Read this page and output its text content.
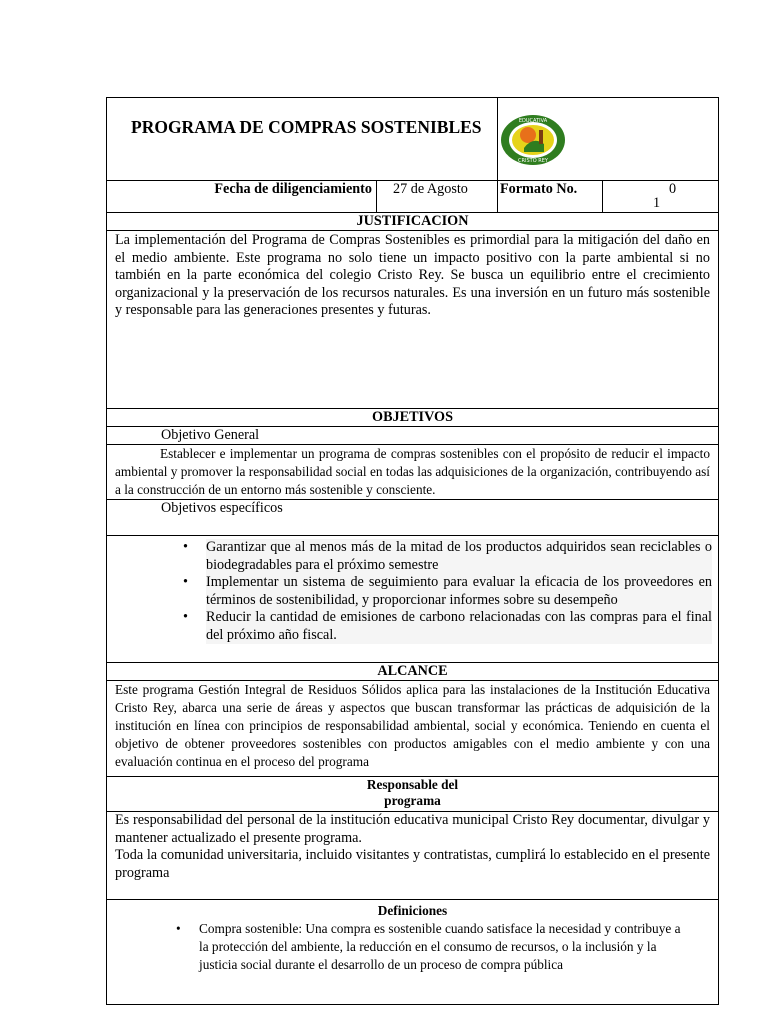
PROGRAMA DE COMPRAS SOSTENIBLES	EDUCATIVA
CRISTO REY
Fecha de diligenciamiento 27 de Agosto Formato No.	0
1
JUSTIFICACION
La implementación del Programa de Compras Sostenibles es primordial para la mitigación del daño en el medio ambiente. Este programa no solo tiene un impacto positivo con la parte ambiental si no también en la parte económica del colegio Cristo Rey. Se busca un equilibrio entre el crecimiento organizacional y la preservación de los recursos naturales. Es una inversión en un futuro más sostenible y responsable para las generaciones presentes y futuras.
OBJETIVOS
Objetivo General
Establecer e implementar un programa de compras sostenibles con el propósito de reducir el impacto ambiental y promover la responsabilidad social en todas las adquisiciones de la organización, contribuyendo así a la construcción de un entorno más sostenible y consciente.
Objetivos específicos
• Garantizar que al menos más de la mitad de los productos adquiridos sean reciclables o biodegradables para el próximo semestre
• Implementar un sistema de seguimiento para evaluar la eficacia de los proveedores en términos de sostenibilidad, y proporcionar informes sobre su desempeño
• Reducir la cantidad de emisiones de carbono relacionadas con las compras para el final del próximo año fiscal.
ALCANCE
Este programa Gestión Integral de Residuos Sólidos aplica para las instalaciones de la Institución Educativa Cristo Rey, abarca una serie de áreas y aspectos que buscan transformar las prácticas de adquisición de la institución en línea con principios de responsabilidad ambiental, social y económica. Teniendo en cuenta el objetivo de obtener proveedores sostenibles con productos amigables con el medio ambiente y con una evaluación continua en el proceso del programa
Responsable del
programa
Es responsabilidad del personal de la institución educativa municipal Cristo Rey documentar, divulgar y mantener actualizado el presente programa.
Toda la comunidad universitaria, incluido visitantes y contratistas, cumplirá lo establecido en el presente programa
Definiciones
• Compra sostenible: Una compra es sostenible cuando satisface la necesidad y contribuye a la protección del ambiente, la reducción en el consumo de recursos, o la inclusión y la justicia social durante el desarrollo de un proceso de compra pública
